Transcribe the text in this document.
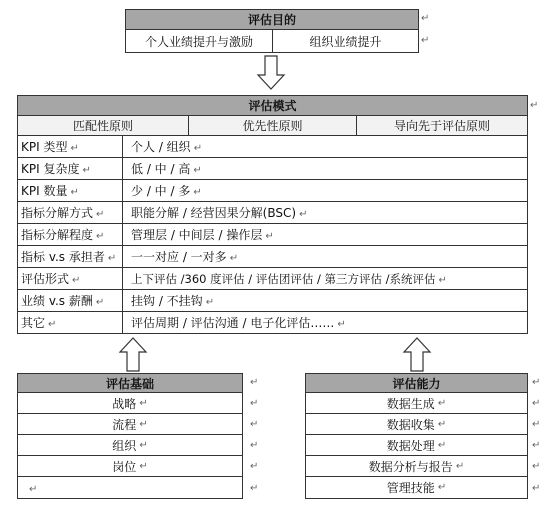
评估目的
个人业绩提升与激励	组织业绩提升
↵
↵
评估模式
匹配性原则	优先性原则	导向先于评估原则
KPI 类型 ↵	个人 / 组织 ↵
KPI 复杂度 ↵	低 / 中 / 高 ↵
KPI 数量 ↵	少 / 中 / 多 ↵
指标分解方式 ↵	职能分解 / 经营因果分解(BSC) ↵
指标分解程度 ↵	管理层 / 中间层 / 操作层 ↵
指标 v.s 承担者 ↵	一一对应 / 一对多 ↵
评估形式 ↵	上下评估 /360 度评估 / 评估团评估 / 第三方评估 /系统评估 ↵
业绩 v.s 薪酬 ↵	挂钩 / 不挂钩 ↵
其它 ↵	评估周期 / 评估沟通 / 电子化评估…… ↵
↵
评估基础
战略 ↵
流程 ↵
组织 ↵
岗位 ↵
↵
↵
↵
↵
↵
↵
↵
评估能力
数据生成 ↵
数据收集 ↵
数据处理 ↵
数据分析与报告 ↵
管理技能 ↵
↵
↵
↵
↵
↵
↵
